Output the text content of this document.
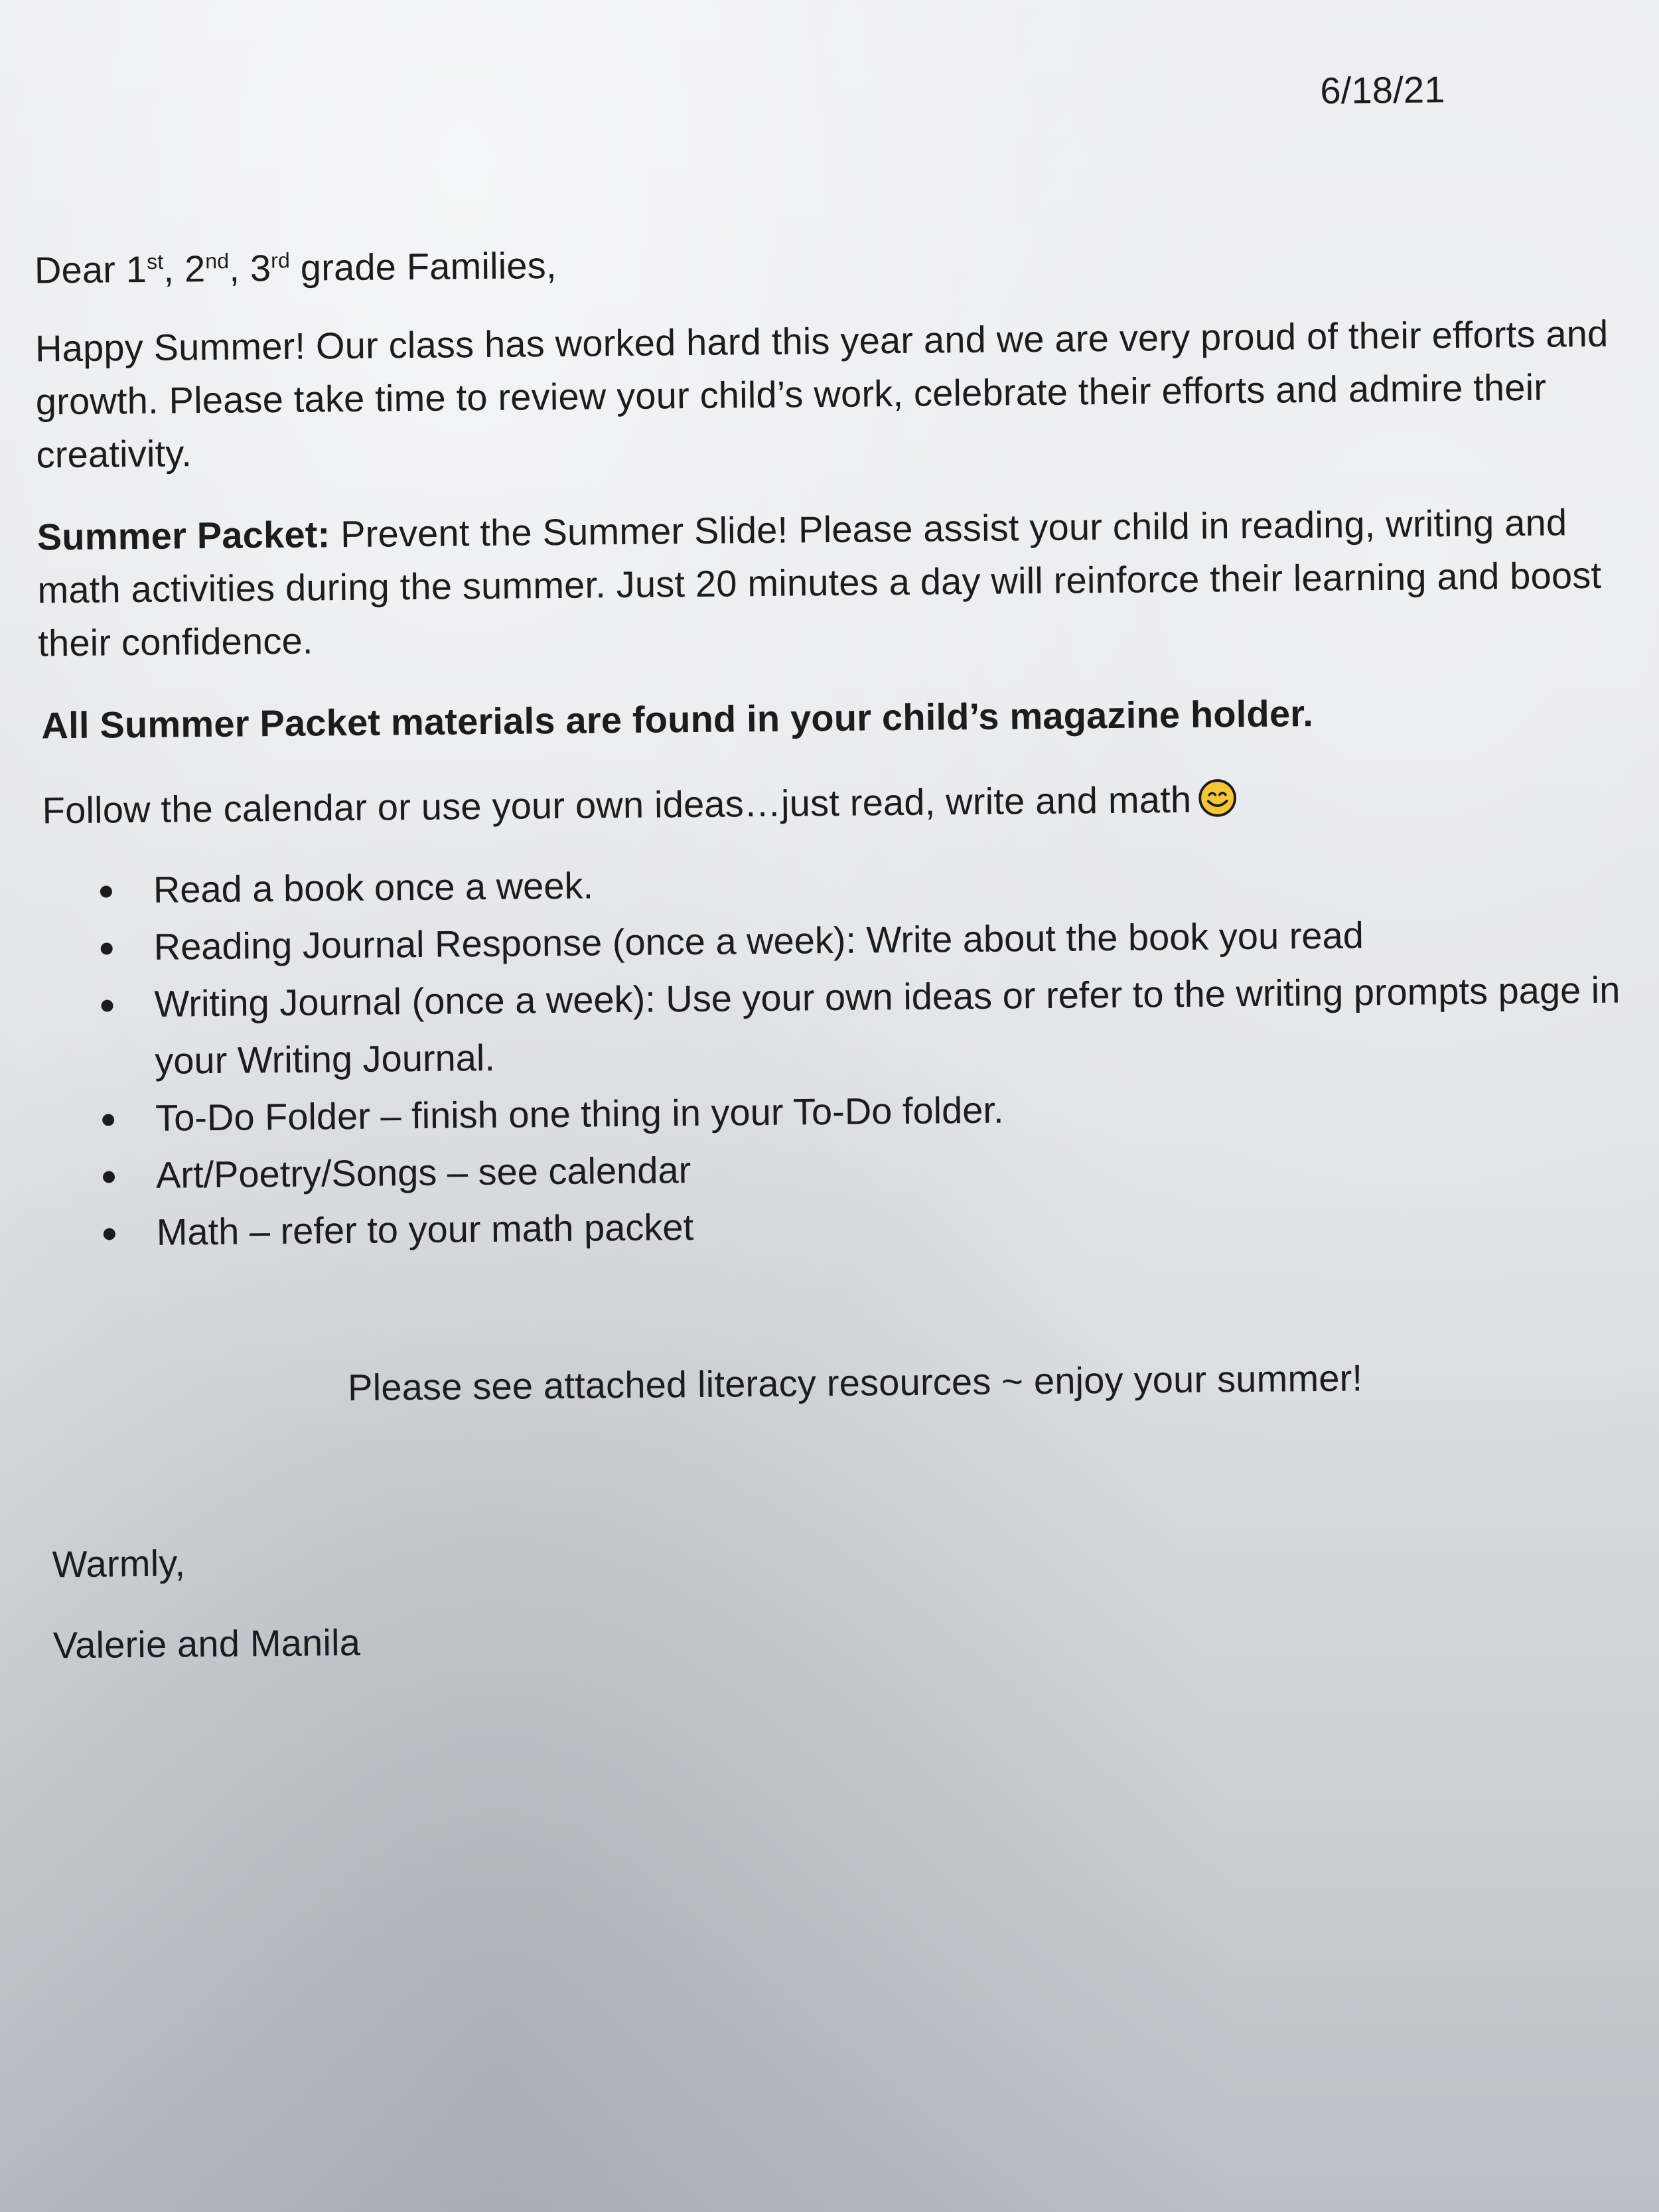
6/18/21
Dear 1st, 2nd, 3rd grade Families,
Happy Summer! Our class has worked hard this year and we are very proud of their efforts and growth. Please take time to review your child’s work, celebrate their efforts and admire their creativity.
Summer Packet: Prevent the Summer Slide! Please assist your child in reading, writing and math activities during the summer. Just 20 minutes a day will reinforce their learning and boost their confidence.
All Summer Packet materials are found in your child’s magazine holder.
Follow the calendar or use your own ideas…just read, write and math
Read a book once a week.
Reading Journal Response (once a week): Write about the book you read
Writing Journal (once a week): Use your own ideas or refer to the writing prompts page in your Writing Journal.
To-Do Folder – finish one thing in your To-Do folder.
Art/Poetry/Songs – see calendar
Math – refer to your math packet
Please see attached literacy resources ~ enjoy your summer!
Warmly,
Valerie and Manila
